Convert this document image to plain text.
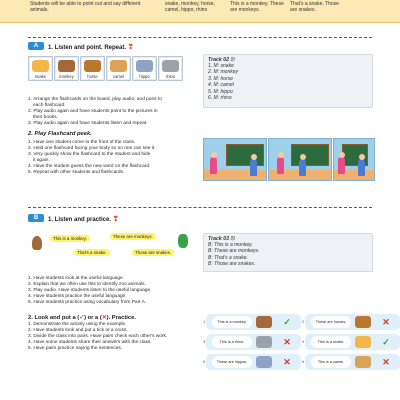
Students will be able to point out and say different animals.
snake, monkey, horse, camel, hippo, rhino
This is a monkey. These are monkeys.
That's a snake. Those are snakes.
A	1. Listen and point. Repeat. ❣
snake	monkey	horse	camel	hippo	rhino
1. Arrange the flashcards on the board, play audio, and point to
each flashcard.
2. Play audio again and have students point to the pictures in
their books.
3. Play audio again and have students listen and repeat.
Track 02 ⎋
1. M: snake
2. M: monkey
3. M: horse
4. M: camel
5. M: hippo
6. M: rhino
2. Play Flashcard peek.
1. Have one student come to the front of the class.
2. Hold one flashcard facing your body so no one can see it.
3. Very quickly show the flashcard to the student and hide
it again.
4. Have the student guess the new word on the flashcard.
5. Repeat with other students and flashcards.
B	1. Listen and practice. ❣
This is a monkey.	These are monkeys.
That's a snake.	Those are snakes.
Track 03 ⎋
B: This is a monkey.
B: These are monkeys.
B: That's a snake.
B: Those are snakes.
1. Have students look at the useful language.
2. Explain that we often use this to identify zoo animals.
3. Play audio. Have students listen to the useful language.
4. Have students practice the useful language.
5. Have students practice using vocabulary from Part A.
2. Look and put a (✓) or a (✕). Practice.
1. Demonstrate the activity using the example.
2. Have students look and put a tick or a cross.
3. Divide the class into pairs. Have pairs check each other's work.
4. Have some students share their answers with the class.
5. Have pairs practice saying the sentences.
1	This is a monkey.	✓	2	These are horses.	✕
3	This is a rhino.	✕	4	This is a snake.	✓
5	These are hippos.	✕	6	This is a camel.	✕
